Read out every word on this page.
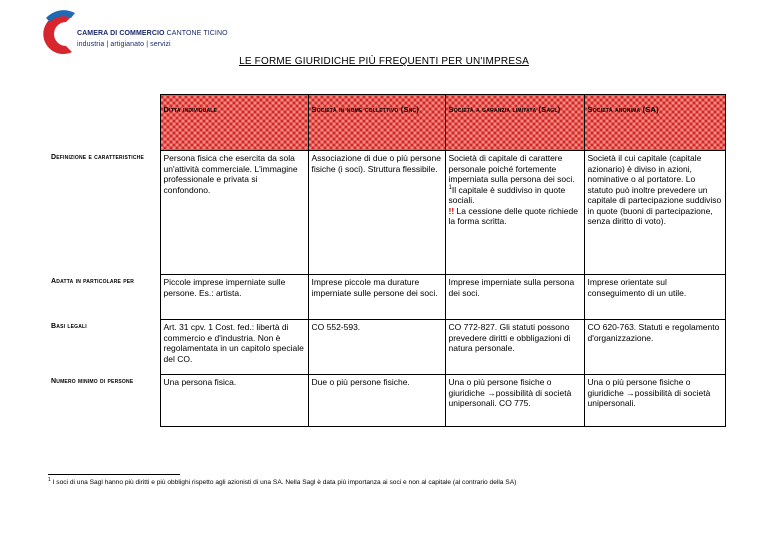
CAMERA DI COMMERCIO CANTONE TICINO
industria | artigianato | servizi
LE FORME GIURIDICHE PIÙ FREQUENTI PER UN'IMPRESA
	Ditta individuale	Società in nome collettivo (Snc)	Società a garanzia limitata (Sagl)	Società anonima (SA)
Definizione e caratteristiche	Persona fisica che esercita da sola un'attività commerciale. L'immagine professionale e privata si confondono.	Associazione di due o più persone fisiche (i soci). Struttura flessibile.	Società di capitale di carattere personale poiché fortemente imperniata sulla persona dei soci. $^1$Il capitale è suddiviso in quote sociali.
!! La cessione delle quote richiede la forma scritta.	Società il cui capitale (capitale azionario) è diviso in azioni, nominative o al portatore. Lo statuto può inoltre prevedere un capitale di partecipazione suddiviso in quote (buoni di partecipazione, senza diritto di voto).
Adatta in particolare per	Piccole imprese imperniate sulle persone. Es.: artista.	Imprese piccole ma durature imperniate sulle persone dei soci.	Imprese imperniate sulla persona dei soci.	Imprese orientate sul conseguimento di un utile.
Basi legali	Art. 31 cpv. 1 Cost. fed.: libertà di commercio e d'industria. Non è regolamentata in un capitolo speciale del CO.	CO 552-593.	CO 772-827. Gli statuti possono prevedere diritti e obbligazioni di natura personale.	CO 620-763. Statuti e regolamento d'organizzazione.
Numero minimo di persone	Una persona fisica.	Due o più persone fisiche.	Una o più persone fisiche o giuridiche →possibilità di società unipersonali. CO 775.	Una o più persone fisiche o giuridiche →possibilità di società unipersonali.
$^1$ I soci di una Sagl hanno più diritti e più obblighi rispetto agli azionisti di una SA. Nella Sagl è data più importanza ai soci e non al capitale (al contrario della SA)
